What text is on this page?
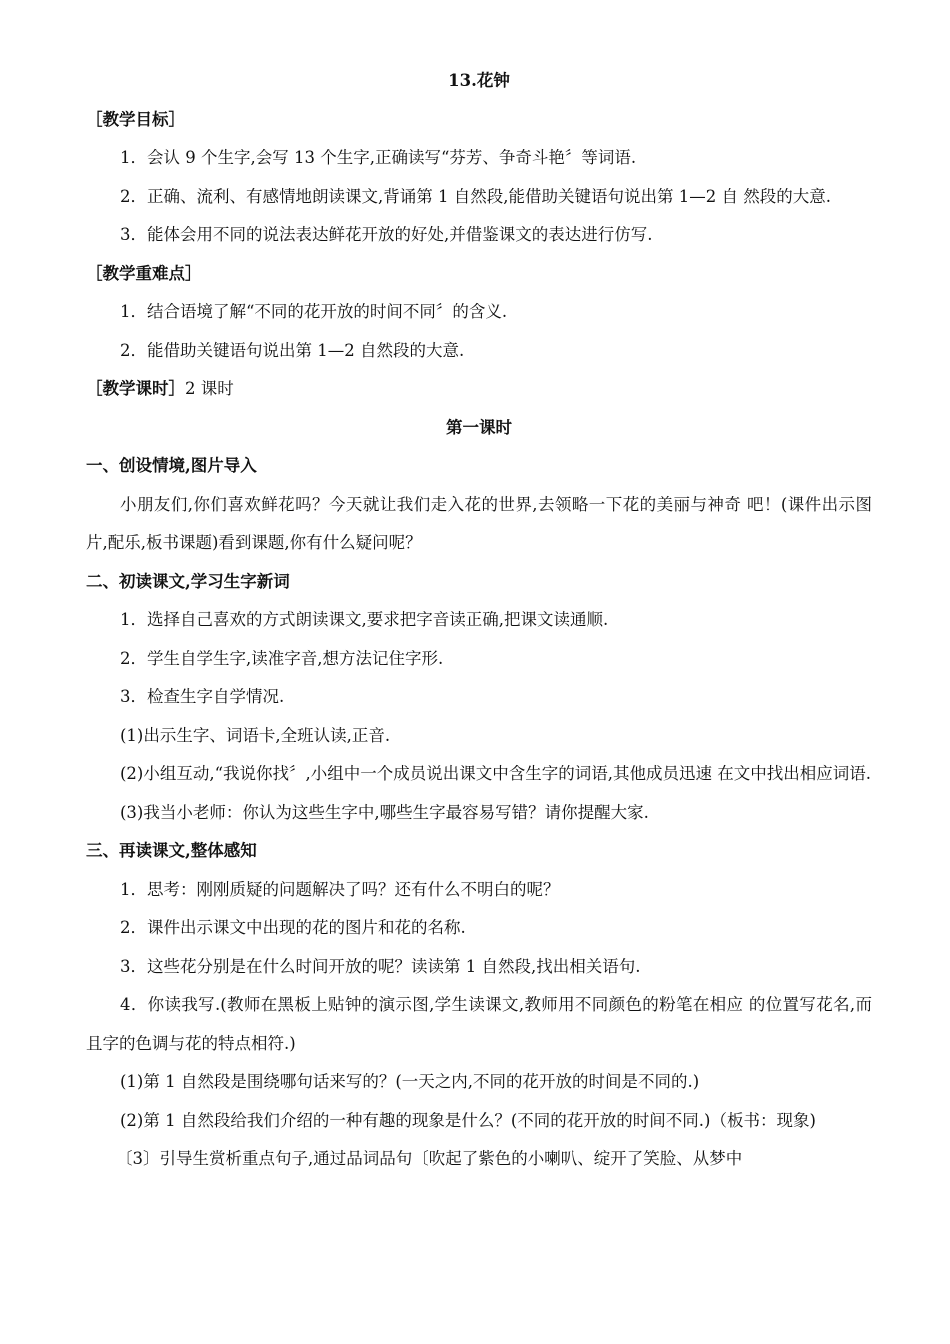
13.花钟
［教学目标］
1．会认 9 个生字,会写 13 个生字,正确读写“芬芳、争奇斗艳〞等词语.
2．正确、流利、有感情地朗读课文,背诵第 1 自然段,能借助关键语句说出第 1—2 自 然段的大意.
3．能体会用不同的说法表达鲜花开放的好处,并借鉴课文的表达进行仿写.
［教学重难点］
1．结合语境了解“不同的花开放的时间不同〞的含义.
2．能借助关键语句说出第 1—2 自然段的大意.
［教学课时］2 课时
第一课时
一、创设情境,图片导入
小朋友们,你们喜欢鲜花吗？今天就让我们走入花的世界,去领略一下花的美丽与神奇 吧！(课件出示图片,配乐,板书课题)看到课题,你有什么疑问呢？
二、初读课文,学习生字新词
1．选择自己喜欢的方式朗读课文,要求把字音读正确,把课文读通顺.
2．学生自学生字,读准字音,想方法记住字形.
3．检查生字自学情况.
(1)出示生字、词语卡,全班认读,正音.
(2)小组互动,“我说你找〞,小组中一个成员说出课文中含生字的词语,其他成员迅速 在文中找出相应词语.
(3)我当小老师：你认为这些生字中,哪些生字最容易写错？请你提醒大家.
三、再读课文,整体感知
1．思考：刚刚质疑的问题解决了吗？还有什么不明白的呢？
2．课件出示课文中出现的花的图片和花的名称.
3．这些花分别是在什么时间开放的呢？读读第 1 自然段,找出相关语句.
4．你读我写.(教师在黑板上贴钟的演示图,学生读课文,教师用不同颜色的粉笔在相应 的位置写花名,而且字的色调与花的特点相符.)
(1)第 1 自然段是围绕哪句话来写的？(一天之内,不同的花开放的时间是不同的.)
(2)第 1 自然段给我们介绍的一种有趣的现象是什么？(不同的花开放的时间不同.)（板书：现象)
〔3〕引导生赏析重点句子,通过品词品句〔吹起了紫色的小喇叭、绽开了笑脸、从梦中
